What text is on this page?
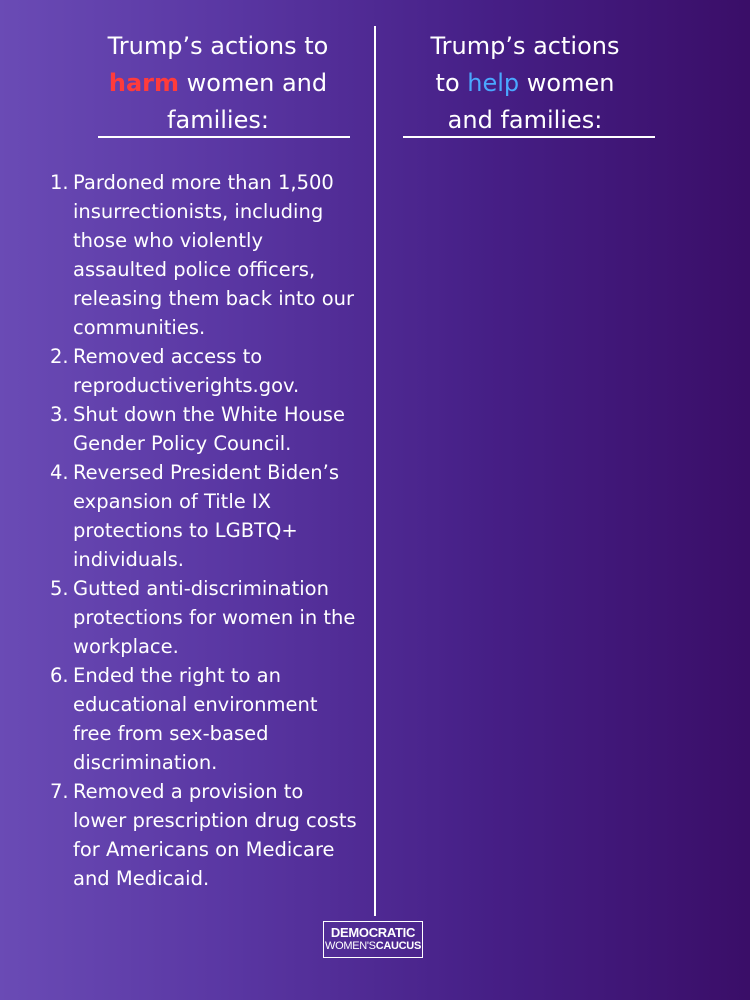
Trump’s actions to
harm women and
families:
Trump’s actions
to help women
and families:
1. Pardoned more than 1,500 insurrectionists, including those who violently assaulted police officers, releasing them back into our communities.
2. Removed access to reproductiverights.gov.
3. Shut down the White House Gender Policy Council.
4. Reversed President Biden’s expansion of Title IX protections to LGBTQ+ individuals.
5. Gutted anti-discrimination protections for women in the workplace.
6. Ended the right to an educational environment free from sex-based discrimination.
7. Removed a provision to lower prescription drug costs for Americans on Medicare and Medicaid.
DEMOCRATIC
WOMEN'SCAUCUS
